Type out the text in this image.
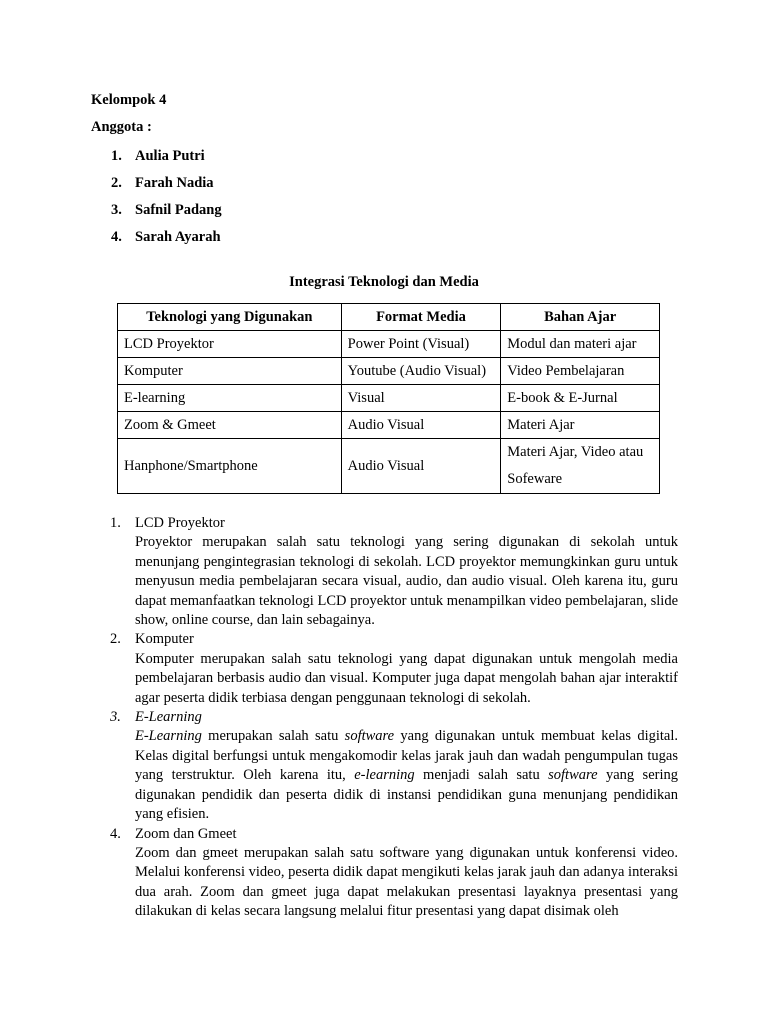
Kelompok 4
Anggota :
1. Aulia Putri
2. Farah Nadia
3. Safnil Padang
4. Sarah Ayarah
Integrasi Teknologi dan Media
Teknologi yang Digunakan	Format Media	Bahan Ajar
LCD Proyektor	Power Point (Visual)	Modul dan materi ajar
Komputer	Youtube (Audio Visual)	Video Pembelajaran
E-learning	Visual	E-book & E-Jurnal
Zoom & Gmeet	Audio Visual	Materi Ajar
Hanphone/Smartphone	Audio Visual	Materi Ajar, Video atau Sofeware
1. LCD Proyektor
Proyektor merupakan salah satu teknologi yang sering digunakan di sekolah untuk menunjang pengintegrasian teknologi di sekolah. LCD proyektor memungkinkan guru untuk menyusun media pembelajaran secara visual, audio, dan audio visual. Oleh karena itu, guru dapat memanfaatkan teknologi LCD proyektor untuk menampilkan video pembelajaran, slide show, online course, dan lain sebagainya.
2. Komputer
Komputer merupakan salah satu teknologi yang dapat digunakan untuk mengolah media pembelajaran berbasis audio dan visual. Komputer juga dapat mengolah bahan ajar interaktif agar peserta didik terbiasa dengan penggunaan teknologi di sekolah.
3. E-Learning
E-Learning merupakan salah satu software yang digunakan untuk membuat kelas digital. Kelas digital berfungsi untuk mengakomodir kelas jarak jauh dan wadah pengumpulan tugas yang terstruktur. Oleh karena itu, e-learning menjadi salah satu software yang sering digunakan pendidik dan peserta didik di instansi pendidikan guna menunjang pendidikan yang efisien.
4. Zoom dan Gmeet
Zoom dan gmeet merupakan salah satu software yang digunakan untuk konferensi video. Melalui konferensi video, peserta didik dapat mengikuti kelas jarak jauh dan adanya interaksi dua arah. Zoom dan gmeet juga dapat melakukan presentasi layaknya presentasi yang dilakukan di kelas secara langsung melalui fitur presentasi yang dapat disimak oleh
